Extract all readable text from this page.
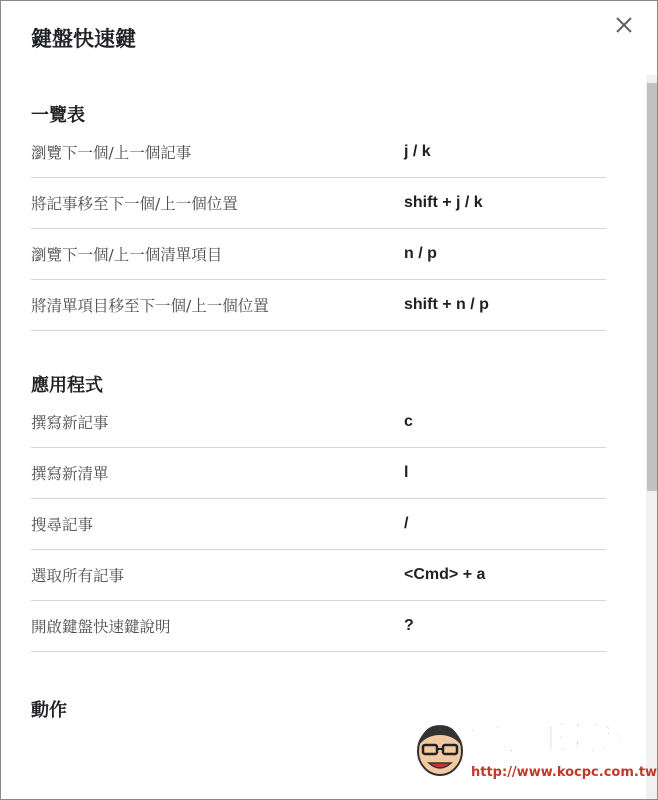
鍵盤快速鍵
一覽表
瀏覽下一個/上一個記事	j / k
將記事移至下一個/上一個位置	shift + j / k
瀏覽下一個/上一個清單項目	n / p
將清單項目移至下一個/上一個位置	shift + n / p
應用程式
撰寫新記事	c
撰寫新清單	l
搜尋記事	/
選取所有記事	<Cmd> + a
開啟鍵盤快速鍵說明	?
動作
電腦王阿達
http://www.kocpc.com.tw
